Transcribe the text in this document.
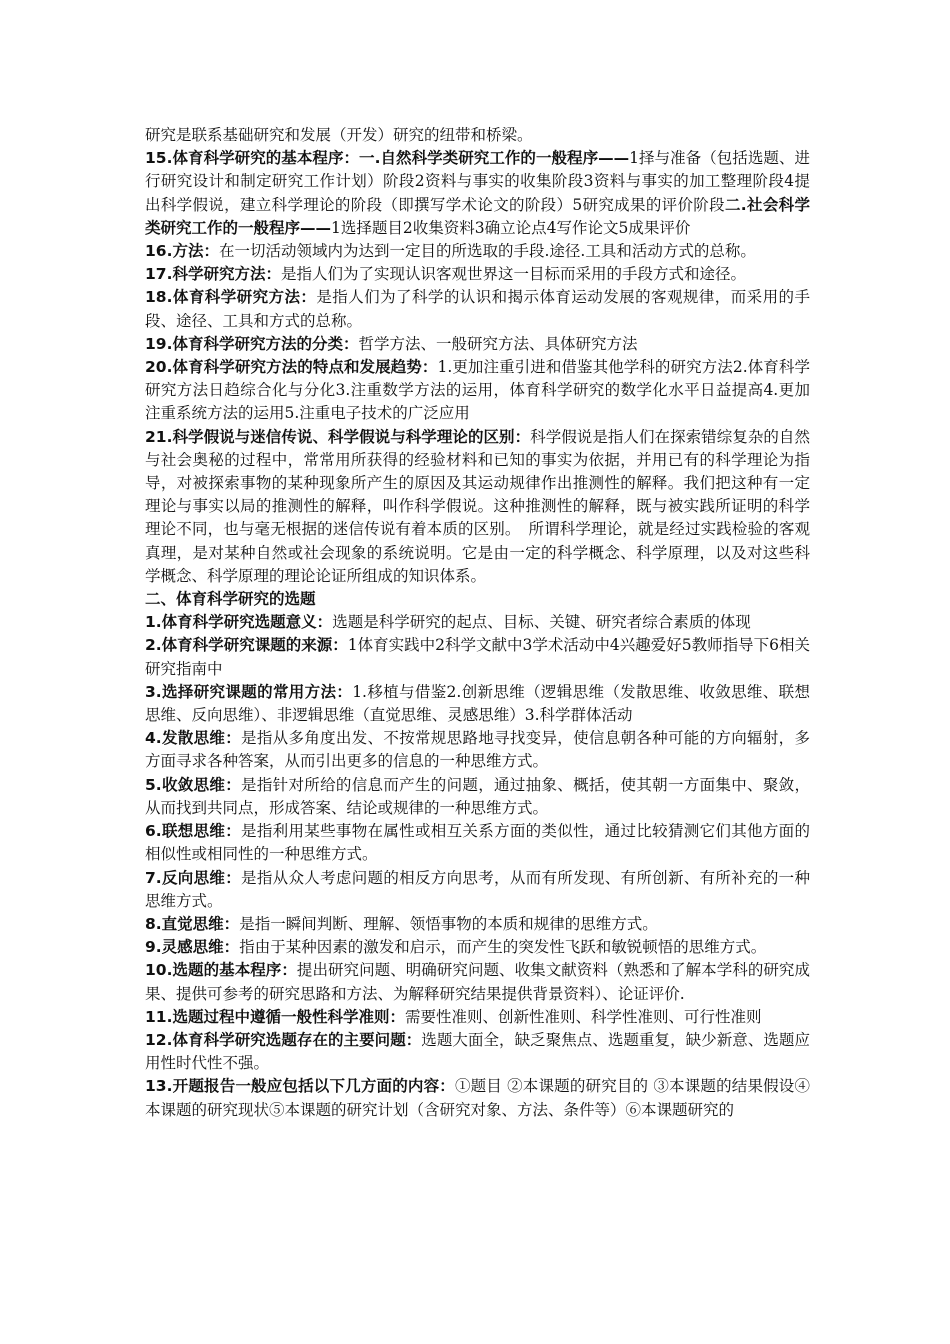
研究是联系基础研究和发展（开发）研究的纽带和桥梁。

15.体育科学研究的基本程序：一.自然科学类研究工作的一般程序——1择与准备（包括选题、进行研究设计和制定研究工作计划）阶段2资料与事实的收集阶段3资料与事实的加工整理阶段4提出科学假说，建立科学理论的阶段（即撰写学术论文的阶段）5研究成果的评价阶段二.社会科学类研究工作的一般程序——1选择题目2收集资料3确立论点4写作论文5成果评价

16.方法：在一切活动领域内为达到一定目的所选取的手段.途径.工具和活动方式的总称。

17.科学研究方法：是指人们为了实现认识客观世界这一目标而采用的手段方式和途径。

18.体育科学研究方法：是指人们为了科学的认识和揭示体育运动发展的客观规律，而采用的手段、途径、工具和方式的总称。

19.体育科学研究方法的分类：哲学方法、一般研究方法、具体研究方法

20.体育科学研究方法的特点和发展趋势：1.更加注重引进和借鉴其他学科的研究方法2.体育科学研究方法日趋综合化与分化3.注重数学方法的运用，体育科学研究的数学化水平日益提高4.更加注重系统方法的运用5.注重电子技术的广泛应用

21.科学假说与迷信传说、科学假说与科学理论的区别：科学假说是指人们在探索错综复杂的自然与社会奥秘的过程中，常常用所获得的经验材料和已知的事实为依据，并用已有的科学理论为指导，对被探索事物的某种现象所产生的原因及其运动规律作出推测性的解释。我们把这种有一定理论与事实以局的推测性的解释，叫作科学假说。这种推测性的解释，既与被实践所证明的科学理论不同，也与毫无根据的迷信传说有着本质的区别。　所谓科学理论，就是经过实践检验的客观真理，是对某种自然或社会现象的系统说明。它是由一定的科学概念、科学原理，以及对这些科学概念、科学原理的理论论证所组成的知识体系。

二、体育科学研究的选题

1.体育科学研究选题意义：选题是科学研究的起点、目标、关键、研究者综合素质的体现

2.体育科学研究课题的来源：1体育实践中2科学文献中3学术活动中4兴趣爱好5教师指导下6相关研究指南中

3.选择研究课题的常用方法：1.移植与借鉴2.创新思维（逻辑思维（发散思维、收敛思维、联想思维、反向思维）、非逻辑思维（直觉思维、灵感思维）3.科学群体活动

4.发散思维：是指从多角度出发、不按常规思路地寻找变异，使信息朝各种可能的方向辐射，多方面寻求各种答案，从而引出更多的信息的一种思维方式。

5.收敛思维：是指针对所给的信息而产生的问题，通过抽象、概括，使其朝一方面集中、聚敛，从而找到共同点，形成答案、结论或规律的一种思维方式。

6.联想思维：是指利用某些事物在属性或相互关系方面的类似性，通过比较猜测它们其他方面的相似性或相同性的一种思维方式。

7.反向思维：是指从众人考虑问题的相反方向思考，从而有所发现、有所创新、有所补充的一种思维方式。

8.直觉思维：是指一瞬间判断、理解、领悟事物的本质和规律的思维方式。

9.灵感思维：指由于某种因素的激发和启示，而产生的突发性飞跃和敏锐顿悟的思维方式。

10.选题的基本程序：提出研究问题、明确研究问题、收集文献资料（熟悉和了解本学科的研究成果、提供可参考的研究思路和方法、为解释研究结果提供背景资料）、论证评价.

11.选题过程中遵循一般性科学准则：需要性准则、创新性准则、科学性准则、可行性准则

12.体育科学研究选题存在的主要问题：选题大面全，缺乏聚焦点、选题重复，缺少新意、选题应用性时代性不强。

13.开题报告一般应包括以下几方面的内容：①题目 ②本课题的研究目的 ③本课题的结果假设④本课题的研究现状⑤本课题的研究计划（含研究对象、方法、条件等）⑥本课题研究的
